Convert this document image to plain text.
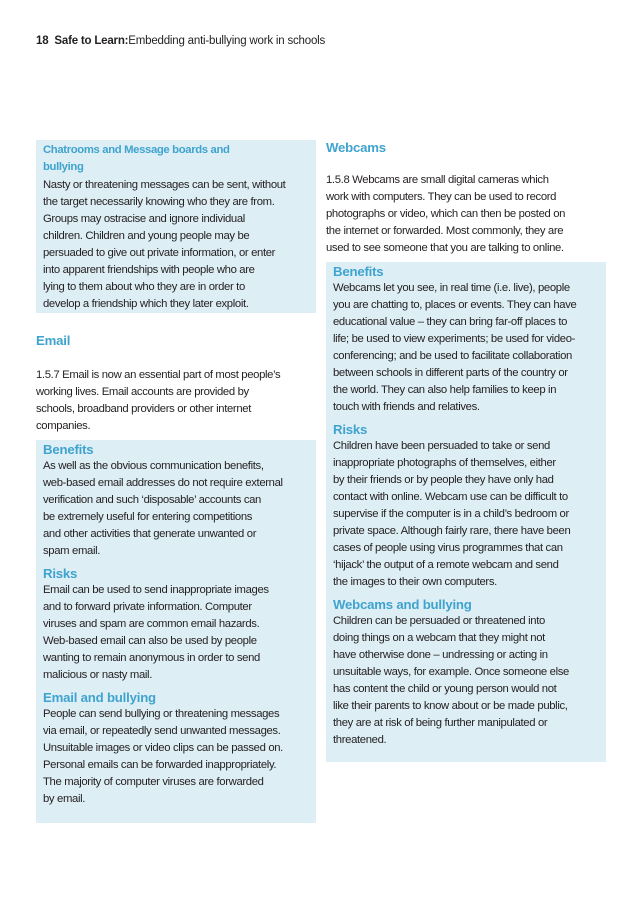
18 Safe to Learn:Embedding anti-bullying work in schools
Chatrooms and Message boards and
bullying
Nasty or threatening messages can be sent, without
the target necessarily knowing who they are from.
Groups may ostracise and ignore individual
children. Children and young people may be
persuaded to give out private information, or enter
into apparent friendships with people who are
lying to them about who they are in order to
develop a friendship which they later exploit.
Email
1.5.7 Email is now an essential part of most people’s
working lives. Email accounts are provided by
schools, broadband providers or other internet
companies.
Benefits
As well as the obvious communication benefits,
web-based email addresses do not require external
verification and such ‘disposable’ accounts can
be extremely useful for entering competitions
and other activities that generate unwanted or
spam email.
Risks
Email can be used to send inappropriate images
and to forward private information. Computer
viruses and spam are common email hazards.
Web-based email can also be used by people
wanting to remain anonymous in order to send
malicious or nasty mail.
Email and bullying
People can send bullying or threatening messages
via email, or repeatedly send unwanted messages.
Unsuitable images or video clips can be passed on.
Personal emails can be forwarded inappropriately.
The majority of computer viruses are forwarded
by email.
Webcams
1.5.8 Webcams are small digital cameras which
work with computers. They can be used to record
photographs or video, which can then be posted on
the internet or forwarded. Most commonly, they are
used to see someone that you are talking to online.
Benefits
Webcams let you see, in real time (i.e. live), people
you are chatting to, places or events. They can have
educational value – they can bring far-off places to
life; be used to view experiments; be used for video-
conferencing; and be used to facilitate collaboration
between schools in different parts of the country or
the world. They can also help families to keep in
touch with friends and relatives.
Risks
Children have been persuaded to take or send
inappropriate photographs of themselves, either
by their friends or by people they have only had
contact with online. Webcam use can be difficult to
supervise if the computer is in a child’s bedroom or
private space. Although fairly rare, there have been
cases of people using virus programmes that can
‘hijack’ the output of a remote webcam and send
the images to their own computers.
Webcams and bullying
Children can be persuaded or threatened into
doing things on a webcam that they might not
have otherwise done – undressing or acting in
unsuitable ways, for example. Once someone else
has content the child or young person would not
like their parents to know about or be made public,
they are at risk of being further manipulated or
threatened.
